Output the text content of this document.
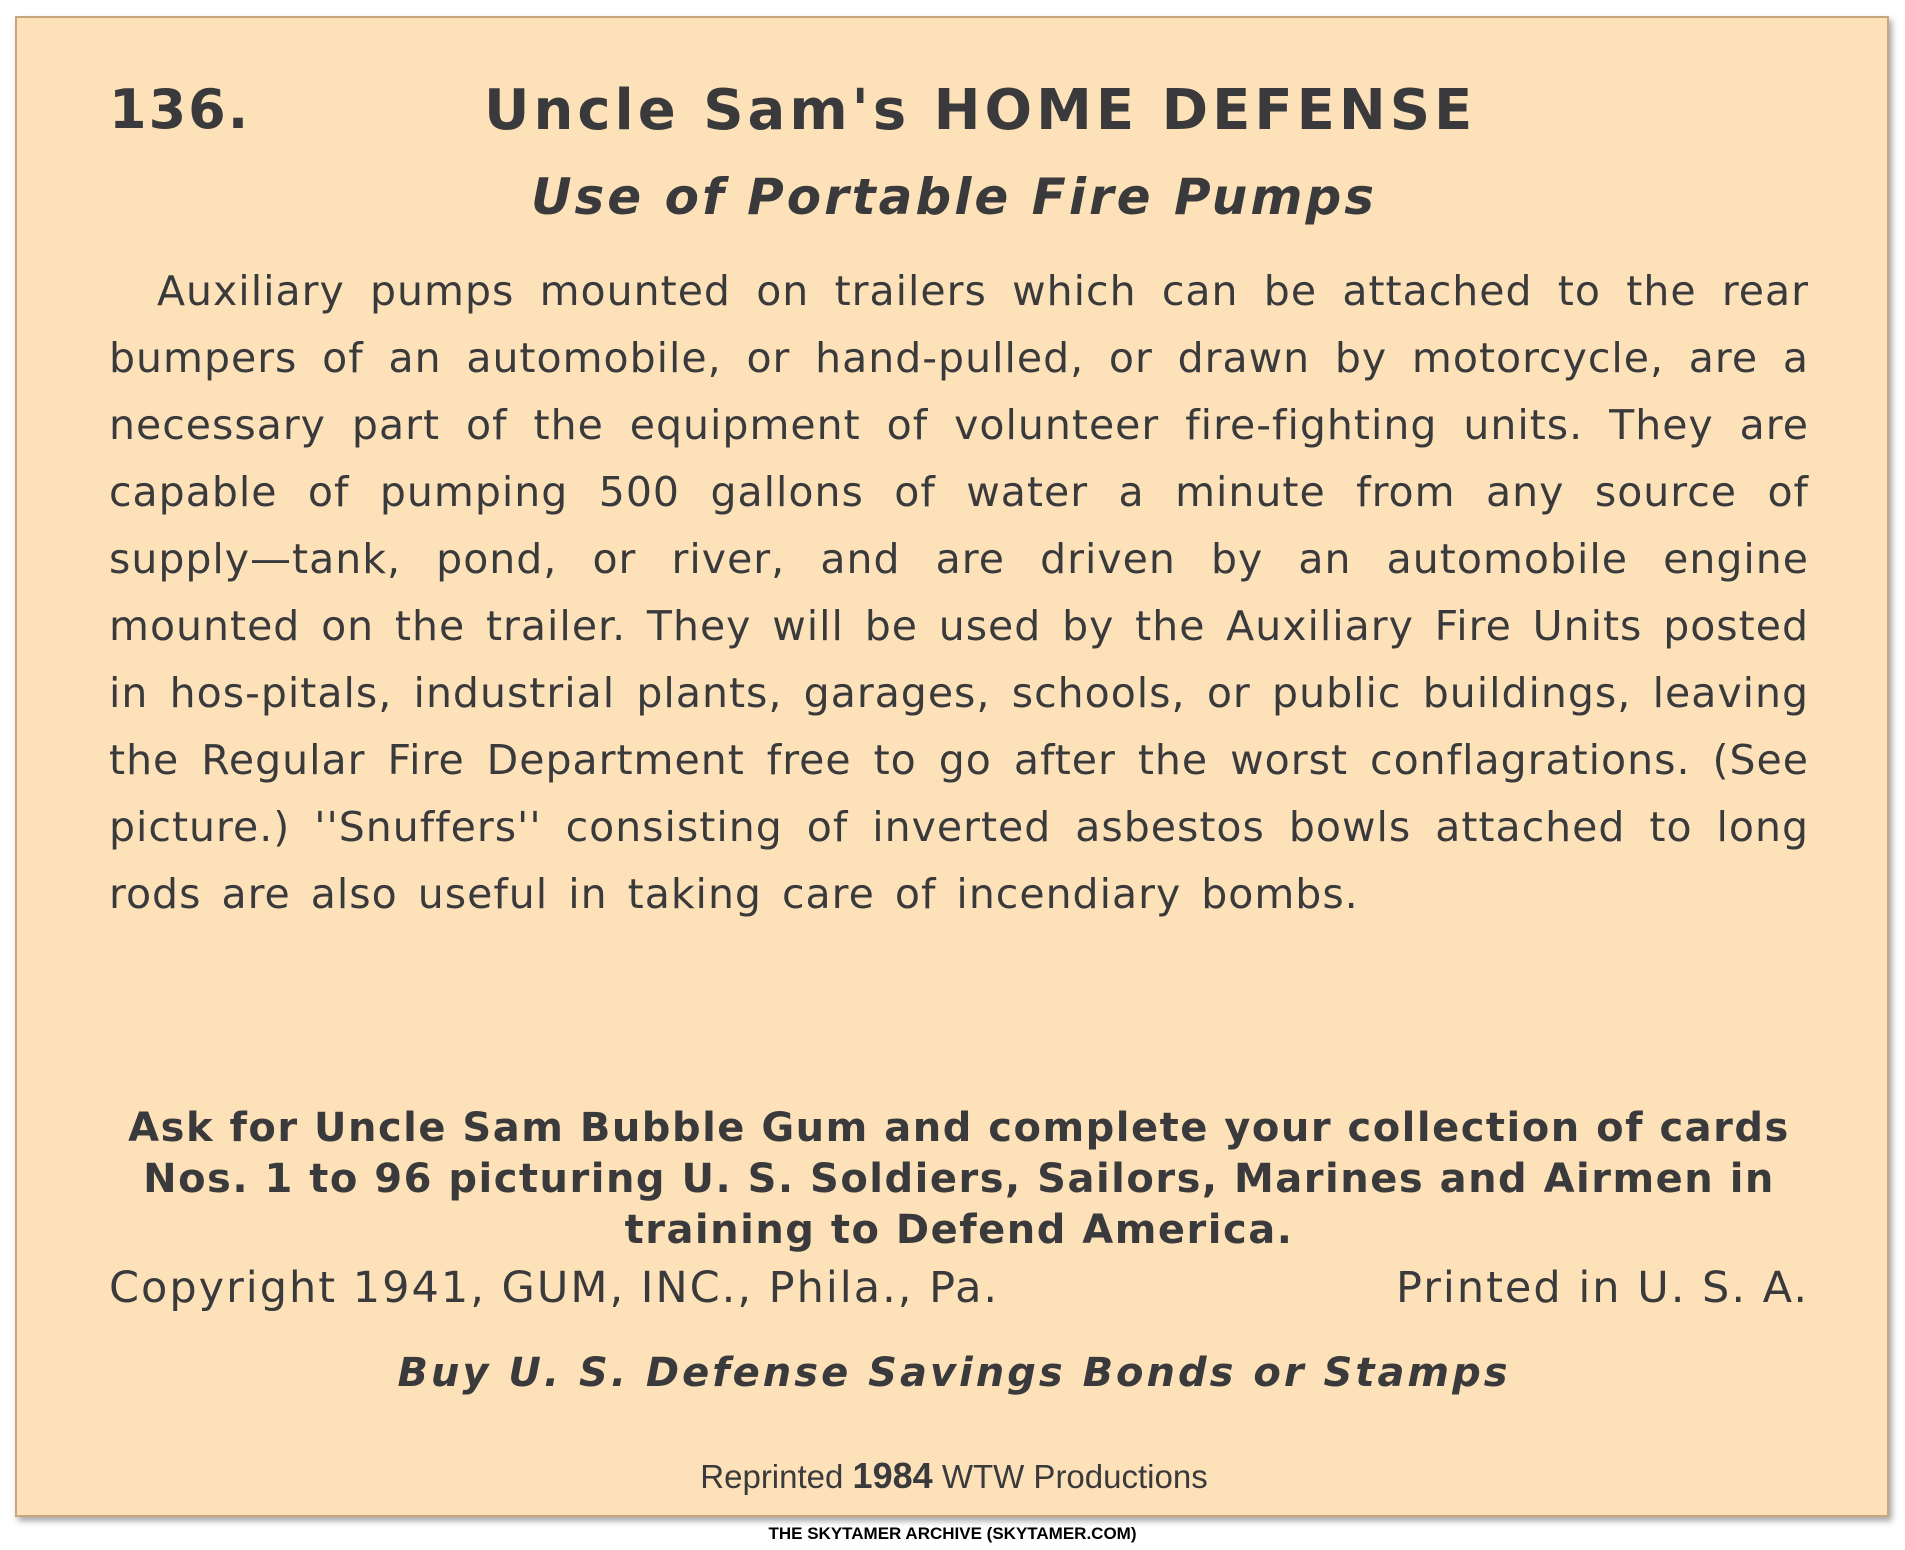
136.	Uncle Sam's HOME DEFENSE
Use of Portable Fire Pumps

Auxiliary pumps mounted on trailers which can be attached to the rear bumpers of an automobile, or hand-pulled, or drawn by motorcycle, are a necessary part of the equipment of volunteer fire-fighting units. They are capable of pumping 500 gallons of water a minute from any source of supply—tank, pond, or river, and are driven by an automobile engine mounted on the trailer. They will be used by the Auxiliary Fire Units posted in hos-pitals, industrial plants, garages, schools, or public buildings, leaving the Regular Fire Department free to go after the worst conflagrations. (See picture.) ''Snuffers'' consisting of inverted asbestos bowls attached to long rods are also useful in taking care of incendiary bombs.

Ask for Uncle Sam Bubble Gum and complete your collection of cards Nos. 1 to 96 picturing U. S. Soldiers, Sailors, Marines and Airmen in training to Defend America.

Copyright 1941, GUM, INC., Phila., Pa.	Printed in U. S. A.
Buy U. S. Defense Savings Bonds or Stamps
Reprinted 1984 WTW Productions
THE SKYTAMER ARCHIVE (SKYTAMER.COM)
